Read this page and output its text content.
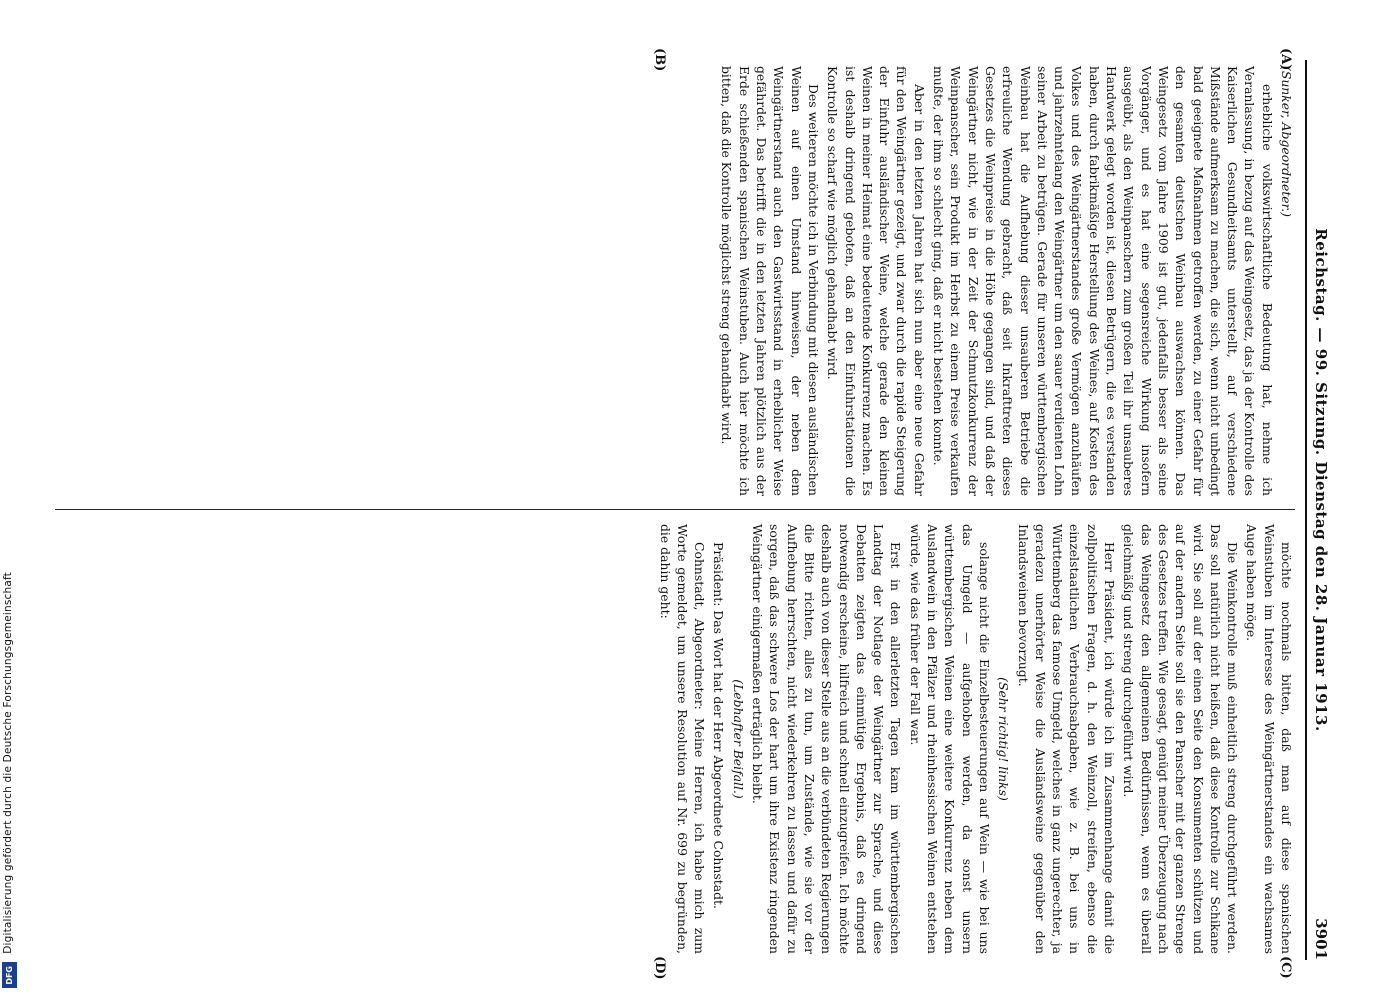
DFG
Digitalisierung gefördert durch die Deutsche Forschungsgemeinschaft
Reichstag. — 99. Sitzung. Dienstag den 28. Januar 1913.
3901
(A)
(B)
(C)
(D)
(Sunker, Abgeordneter.)

erhebliche volkswirtschaftliche Bedeutung hat, nehme ich Veranlassung, in bezug auf das Weingesetz, das ja der Kontrolle des Kaiserlichen Gesundheitsamts unterstellt, auf verschiedene Mißstände aufmerksam zu machen, die sich, wenn nicht unbedingt bald geeignete Maßnahmen getroffen werden, zu einer Gefahr für den gesamten deutschen Weinbau auswachsen können. Das Weingesetz vom Jahre 1909 ist gut, jedenfalls besser als seine Vorgänger, und es hat eine segensreiche Wirkung insofern ausgeübt, als den Weinpanschern zum großen Teil ihr unsauberes Handwerk gelegt worden ist, diesen Betrügern, die es verstanden haben, durch fabrikmäßige Herstellung des Weines, auf Kosten des Volkes und des Weingärtnerstandes große Vermögen anzuhäufen und jahrzehntelang den Weingärtner um den sauer verdienten Lohn seiner Arbeit zu betrügen. Gerade für unseren württembergischen Weinbau hat die Aufhebung dieser unsauberen Betriebe die erfreuliche Wendung gebracht, daß seit Inkrafttreten dieses Gesetzes die Weinpreise in die Höhe gegangen sind, und daß der Weingärtner nicht, wie in der Zeit der Schmutzkonkurrenz der Weinpanscher, sein Produkt im Herbst zu einem Preise verkaufen mußte, der ihm so schlecht ging, daß er nicht bestehen konnte.

Aber in den letzten Jahren hat sich nun aber eine neue Gefahr für den Weingärtner gezeigt, und zwar durch die rapide Steigerung der Einfuhr ausländischer Weine, welche gerade den kleinen Weinen in meiner Heimat eine bedeutende Konkurrenz machen. Es ist deshalb dringend geboten, daß an den Einfuhrstationen die Kontrolle so scharf wie möglich gehandhabt wird.

Des weiteren möchte ich in Verbindung mit diesen ausländischen Weinen auf einen Umstand hinweisen, der neben dem Weingärtnerstand auch den Gastwirtsstand in erheblicher Weise gefährdet. Das betrifft die in den letzten Jahren plötzlich aus der Erde schießenden spanischen Weinstuben. Auch hier möchte ich bitten, daß die Kontrolle möglichst streng gehandhabt wird.

möchte nochmals bitten, daß man auf diese spanischen Weinstuben im Interesse des Weingärtnerstandes ein wachsames Auge haben möge.

Die Weinkontrolle muß einheitlich streng durchgeführt werden. Das soll natürlich nicht heißen, daß diese Kontrolle zur Schikane wird. Sie soll auf der einen Seite den Konsumenten schützen und auf der andern Seite soll sie den Panscher mit der ganzen Strenge des Gesetzes treffen. Wie gesagt, genügt meiner Überzeugung nach das Weingesetz den allgemeinen Bedürfnissen, wenn es überall gleichmäßig und streng durchgeführt wird.

Herr Präsident, ich würde ich im Zusammenhange damit die zollpolitischen Fragen, d. h. den Weinzoll, streifen, ebenso die einzelstaatlichen Verbrauchsabgaben, wie z. B. bei uns in Württemberg das famose Umgeld, welches in ganz ungerechter, ja geradezu unerhörter Weise die Ausländsweine gegenüber den Inlandsweinen bevorzugt.

(Sehr richtig! links)

solange nicht die Einzelbesteuerungen auf Wein — wie bei uns das Umgeld — aufgehoben werden, da sonst unsern württembergischen Weinen eine weitere Konkurrenz neben dem Auslandwein in den Pfälzer und rheinhessischen Weinen entstehen würde, wie das früher der Fall war.

Erst in den allerletzten Tagen kam im württembergischen Landtag der Notlage der Weingärtner zur Sprache, und diese Debatten zeigten das einmütige Ergebnis, daß es dringend notwendig erscheine, hilfreich und schnell einzugreifen. Ich möchte deshalb auch von dieser Stelle aus an die verbündeten Regierungen die Bitte richten, alles zu tun, um Zustände, wie sie vor der Aufhebung herrschten, nicht wiederkehren zu lassen und dafür zu sorgen, daß das schwere Los der hart um ihre Existenz ringenden Weingärtner einigermaßen erträglich bleibt.

(Lebhafter Beifall.)

Präsident: Das Wort hat der Herr Abgeordnete Cohnstadt.

Cohnstadt, Abgeordneter: Meine Herren, ich habe mich zum Worte gemeldet, um unsere Resolution auf Nr. 699 zu begründen, die dahin geht:
